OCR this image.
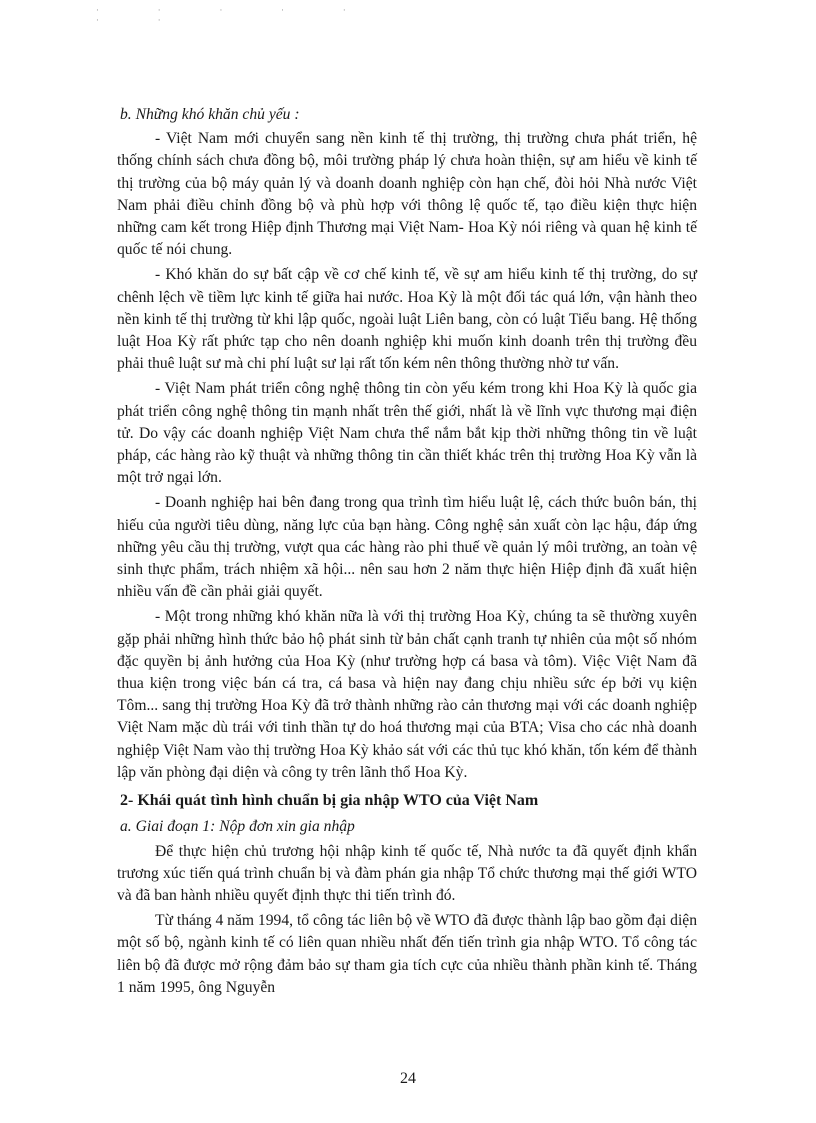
· · · · · · ·

b. Những khó khăn chủ yếu :

- Việt Nam mới chuyển sang nền kinh tế thị trường, thị trường chưa phát triển, hệ thống chính sách chưa đồng bộ, môi trường pháp lý chưa hoàn thiện, sự am hiểu về kinh tế thị trường của bộ máy quản lý và doanh doanh nghiệp còn hạn chế, đòi hỏi Nhà nước Việt Nam phải điều chỉnh đồng bộ và phù hợp với thông lệ quốc tế, tạo điều kiện thực hiện những cam kết trong Hiệp định Thương mại Việt Nam- Hoa Kỳ nói riêng và quan hệ kinh tế quốc tế nói chung.

- Khó khăn do sự bất cập về cơ chế kinh tế, về sự am hiểu kinh tế thị trường, do sự chênh lệch về tiềm lực kinh tế giữa hai nước. Hoa Kỳ là một đối tác quá lớn, vận hành theo nền kinh tế thị trường từ khi lập quốc, ngoài luật Liên bang, còn có luật Tiểu bang. Hệ thống luật Hoa Kỳ rất phức tạp cho nên doanh nghiệp khi muốn kinh doanh trên thị trường đều phải thuê luật sư mà chi phí luật sư lại rất tốn kém nên thông thường nhờ tư vấn.

- Việt Nam phát triển công nghệ thông tin còn yếu kém trong khi Hoa Kỳ là quốc gia phát triển công nghệ thông tin mạnh nhất trên thế giới, nhất là về lĩnh vực thương mại điện tử. Do vậy các doanh nghiệp Việt Nam chưa thể nắm bắt kịp thời những thông tin về luật pháp, các hàng rào kỹ thuật và những thông tin cần thiết khác trên thị trường Hoa Kỳ vẫn là một trở ngại lớn.

- Doanh nghiệp hai bên đang trong qua trình tìm hiểu luật lệ, cách thức buôn bán, thị hiếu của người tiêu dùng, năng lực của bạn hàng. Công nghệ sản xuất còn lạc hậu, đáp ứng những yêu cầu thị trường, vượt qua các hàng rào phi thuế về quản lý môi trường, an toàn vệ sinh thực phẩm, trách nhiệm xã hội... nên sau hơn 2 năm thực hiện Hiệp định đã xuất hiện nhiều vấn đề cần phải giải quyết.

- Một trong những khó khăn nữa là với thị trường Hoa Kỳ, chúng ta sẽ thường xuyên gặp phải những hình thức bảo hộ phát sinh từ bản chất cạnh tranh tự nhiên của một số nhóm đặc quyền bị ảnh hưởng của Hoa Kỳ (như trường hợp cá basa và tôm). Việc Việt Nam đã thua kiện trong việc bán cá tra, cá basa và hiện nay đang chịu nhiều sức ép bởi vụ kiện Tôm... sang thị trường Hoa Kỳ đã trở thành những rào cản thương mại với các doanh nghiệp Việt Nam mặc dù trái với tinh thần tự do hoá thương mại của BTA; Visa cho các nhà doanh nghiệp Việt Nam vào thị trường Hoa Kỳ khảo sát với các thủ tục khó khăn, tốn kém để thành lập văn phòng đại diện và công ty trên lãnh thổ Hoa Kỳ.

2- Khái quát tình hình chuẩn bị gia nhập WTO của Việt Nam

a. Giai đoạn 1: Nộp đơn xin gia nhập

Để thực hiện chủ trương hội nhập kinh tế quốc tế, Nhà nước ta đã quyết định khẩn trương xúc tiến quá trình chuẩn bị và đàm phán gia nhập Tổ chức thương mại thế giới WTO và đã ban hành nhiều quyết định thực thi tiến trình đó.

Từ tháng 4 năm 1994, tổ công tác liên bộ về WTO đã được thành lập bao gồm đại diện một số bộ, ngành kinh tế có liên quan nhiều nhất đến tiến trình gia nhập WTO. Tổ công tác liên bộ đã được mở rộng đảm bảo sự tham gia tích cực của nhiều thành phần kinh tế. Tháng 1 năm 1995, ông Nguyễn

24
